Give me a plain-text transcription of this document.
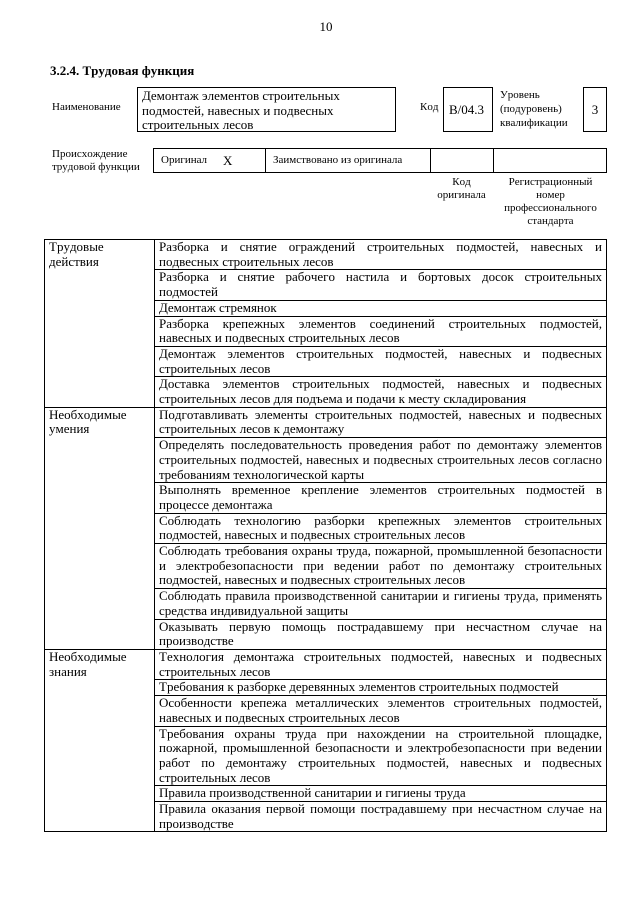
10
3.2.4. Трудовая функция
Наименование
Демонтаж элементов строительных подмостей, навесных и подвесных строительных лесов
Код B/04.3
Уровень (подуровень) квалификации
3
Происхождение трудовой функции
Оригинал X	Заимствовано из оригинала
Код оригинала
Регистрационный номер профессионального стандарта
Трудовые действия	Разборка и снятие ограждений строительных подмостей, навесных и подвесных строительных лесов
	Разборка и снятие рабочего настила и бортовых досок строительных подмостей
	Демонтаж стремянок
	Разборка крепежных элементов соединений строительных подмостей, навесных и подвесных строительных лесов
	Демонтаж элементов строительных подмостей, навесных и подвесных строительных лесов
	Доставка элементов строительных подмостей, навесных и подвесных строительных лесов для подъема и подачи к месту складирования
Необходимые умения	Подготавливать элементы строительных подмостей, навесных и подвесных строительных лесов к демонтажу
	Определять последовательность проведения работ по демонтажу элементов строительных подмостей, навесных и подвесных строительных лесов согласно требованиям технологической карты
	Выполнять временное крепление элементов строительных подмостей в процессе демонтажа
	Соблюдать технологию разборки крепежных элементов строительных подмостей, навесных и подвесных строительных лесов
	Соблюдать требования охраны труда, пожарной, промышленной безопасности и электробезопасности при ведении работ по демонтажу строительных подмостей, навесных и подвесных строительных лесов
	Соблюдать правила производственной санитарии и гигиены труда, применять средства индивидуальной защиты
	Оказывать первую помощь пострадавшему при несчастном случае на производстве
Необходимые знания	Технология демонтажа строительных подмостей, навесных и подвесных строительных лесов
	Требования к разборке деревянных элементов строительных подмостей
	Особенности крепежа металлических элементов строительных подмостей, навесных и подвесных строительных лесов
	Требования охраны труда при нахождении на строительной площадке, пожарной, промышленной безопасности и электробезопасности при ведении работ по демонтажу строительных подмостей, навесных и подвесных строительных лесов
	Правила производственной санитарии и гигиены труда
	Правила оказания первой помощи пострадавшему при несчастном случае на производстве
